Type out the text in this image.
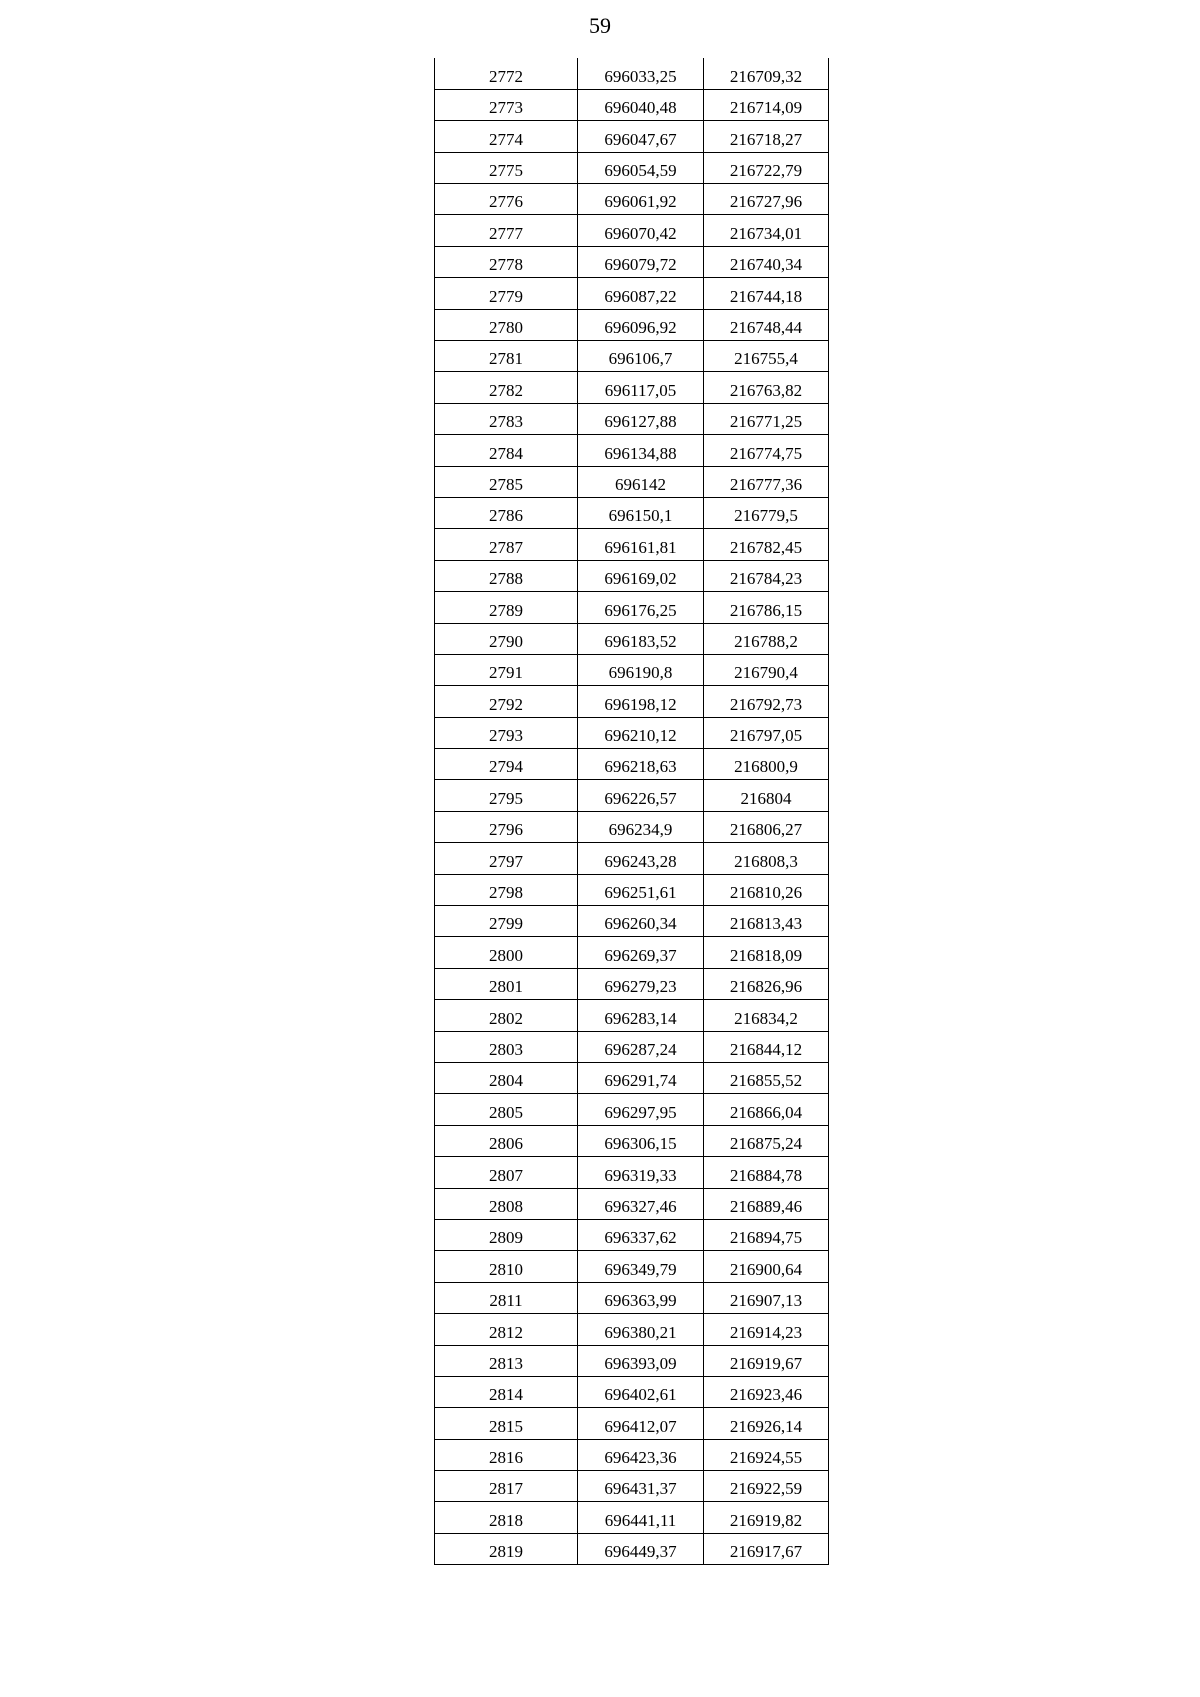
59
2772	696033,25	216709,32
2773	696040,48	216714,09
2774	696047,67	216718,27
2775	696054,59	216722,79
2776	696061,92	216727,96
2777	696070,42	216734,01
2778	696079,72	216740,34
2779	696087,22	216744,18
2780	696096,92	216748,44
2781	696106,7	216755,4
2782	696117,05	216763,82
2783	696127,88	216771,25
2784	696134,88	216774,75
2785	696142	216777,36
2786	696150,1	216779,5
2787	696161,81	216782,45
2788	696169,02	216784,23
2789	696176,25	216786,15
2790	696183,52	216788,2
2791	696190,8	216790,4
2792	696198,12	216792,73
2793	696210,12	216797,05
2794	696218,63	216800,9
2795	696226,57	216804
2796	696234,9	216806,27
2797	696243,28	216808,3
2798	696251,61	216810,26
2799	696260,34	216813,43
2800	696269,37	216818,09
2801	696279,23	216826,96
2802	696283,14	216834,2
2803	696287,24	216844,12
2804	696291,74	216855,52
2805	696297,95	216866,04
2806	696306,15	216875,24
2807	696319,33	216884,78
2808	696327,46	216889,46
2809	696337,62	216894,75
2810	696349,79	216900,64
2811	696363,99	216907,13
2812	696380,21	216914,23
2813	696393,09	216919,67
2814	696402,61	216923,46
2815	696412,07	216926,14
2816	696423,36	216924,55
2817	696431,37	216922,59
2818	696441,11	216919,82
2819	696449,37	216917,67
